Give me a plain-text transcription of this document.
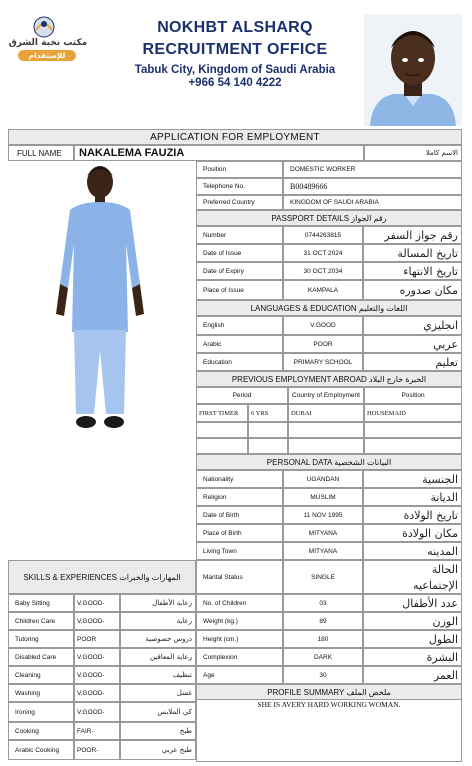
مكتب نخبة الشرق
للإستقدام
NOKHBT ALSHARQ
RECRUITMENT OFFICE
Tabuk City, Kingdom of Saudi Arabia
+966 54 140 4222
APPLICATION FOR EMPLOYMENT
FULL NAME	NAKALEMA FAUZIA	الاسم كاملا
Position	DOMESTIC WORKER
Telephone No.	B00489666
Preferred Country	KINGDOM OF SAUDI ARABIA
PASSPORT DETAILS رقم الجواز
Number	0744263815	رقم جواز السفر
Date of Issue	31 OCT 2024	تاريخ المسالة
Date of Expiry	30 OCT 2034	تاريخ الانتهاء
Place of Issue	KAMPALA	مكان صدوره
LANGUAGES & EDUCATION اللغات والتعليم
English	V.GOOD	انجليزي
Arabic	POOR	عربي
Education	PRIMARY SCHOOL	تعليم
PREVIOUS EMPLOYMENT ABROAD الخبرة خارج البلاد
Period	Country of Employment	Position
FIRST TIMER	6 YRS	DUBAI	HOUSEMAID
PERSONAL DATA البيانات الشخصية
Nationality	UGANDAN	الجنسية
Religion	MUSLIM	الديانة
Date of Birth	11 NOV 1995	تاريخ الولادة
Place of Birth	MITYANA	مكان الولادة
Living Town	MITYANA	المدينه
Marital Status	SINGLE
الحالة
الإجتماعيه
No. of Children	03	عدد الأطفال
Weight (kg.)	89	الوزن
Height (cm.)	180	الطول
Complexion	DARK	البشرة
Age	30	العمر
PROFILE SUMMARY ملخص الملف
SHE IS AVERY HARD WORKING WOMAN.
SKILLS & EXPERIENCES المهارات والخبرات
Baby Sitting	V.GOOD-	رعاية الأطفال
Children Care	V.GOOD-	رعاية
Tutoring	POOR	دروس خصوصية
Disabled Care	V.GOOD-	رعاية المعاقين
Cleaning	V.GOOD-	تنظيف
Washing	V.GOOD-	غسل
Ironing	V.GOOD-	كي الملابس
Cooking	FAIR-	طبخ
Arabic Cooking	POOR-	طبخ عربي
